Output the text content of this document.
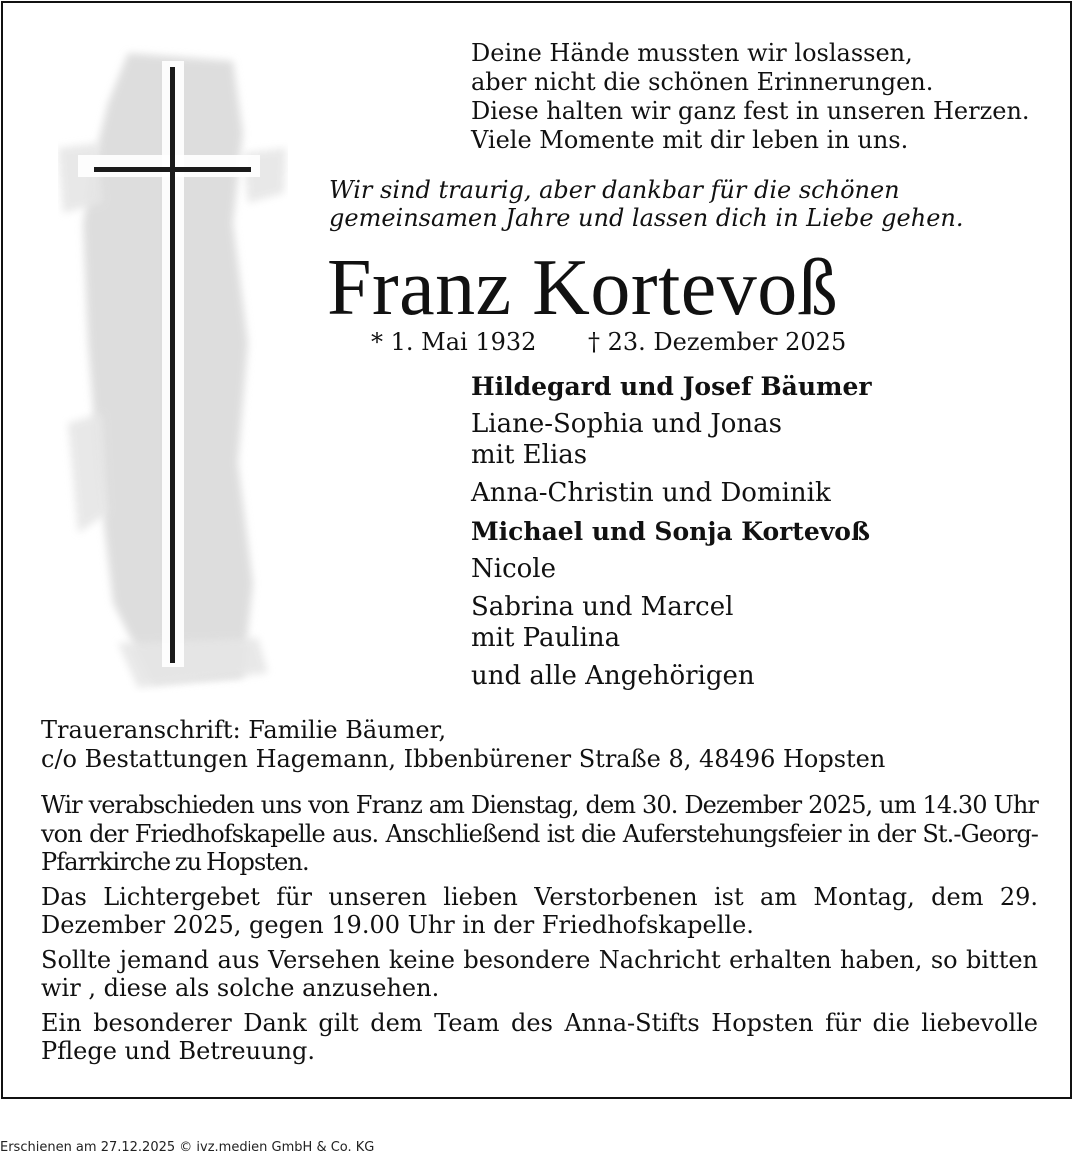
Deine Hände mussten wir loslassen,
aber nicht die schönen Erinnerungen.
Diese halten wir ganz fest in unseren Herzen.
Viele Momente mit dir leben in uns.

Wir sind traurig, aber dankbar für die schönen
gemeinsamen Jahre und lassen dich in Liebe gehen.

Franz Kortevoß
* 1. Mai 1932 † 23. Dezember 2025
Hildegard und Josef Bäumer
Liane-Sophia und Jonas
mit Elias
Anna-Christin und Dominik
Michael und Sonja Kortevoß
Nicole
Sabrina und Marcel
mit Paulina
und alle Angehörigen

Traueranschrift: Familie Bäumer,
c/o Bestattungen Hagemann, Ibbenbürener Straße 8, 48496 Hopsten

Wir verabschieden uns von Franz am Dienstag, dem 30. Dezember 2025, um 14.30 Uhr von der Friedhofskapelle aus. Anschließend ist die Auferstehungsfeier in der St.-Georg-Pfarrkirche zu Hopsten.

Das Lichtergebet für unseren lieben Verstorbenen ist am Montag, dem 29. Dezember 2025, gegen 19.00 Uhr in der Friedhofskapelle.

Sollte jemand aus Versehen keine besondere Nachricht erhalten haben, so bitten wir , diese als solche anzusehen.

Ein besonderer Dank gilt dem Team des Anna-Stifts Hopsten für die liebevolle Pflege und Betreuung.

Erschienen am 27.12.2025 © ivz.medien GmbH & Co. KG
